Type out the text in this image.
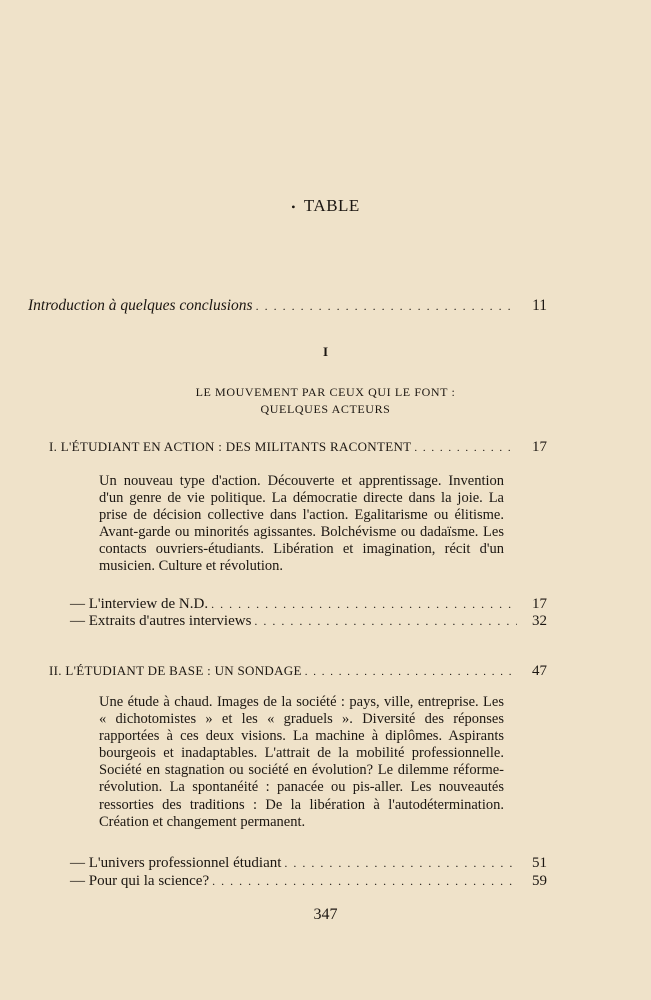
• TABLE
Introduction à quelques conclusions . . .	11
I
LE MOUVEMENT PAR CEUX QUI LE FONT :
QUELQUES ACTEURS
I. L'ÉTUDIANT EN ACTION : DES MILITANTS RACONTENT . . .	17
Un nouveau type d'action. Découverte et apprentissage. Invention d'un genre de vie politique. La démocratie directe dans la joie. La prise de décision collective dans l'action. Egalitarisme ou élitisme. Avant-garde ou minorités agissantes. Bolchévisme ou dadaïsme. Les contacts ouvriers-étudiants. Libération et imagination, récit d'un musicien. Culture et révolution.
— L'interview de N.D. . . .	17
— Extraits d'autres interviews . . .	32
II. L'ÉTUDIANT DE BASE : UN SONDAGE . . .	47
Une étude à chaud. Images de la société : pays, ville, entreprise. Les « dichotomistes » et les « graduels ». Diversité des réponses rapportées à ces deux visions. La machine à diplômes. Aspirants bourgeois et inadaptables. L'attrait de la mobilité professionnelle. Société en stagnation ou société en évolution? Le dilemme réforme-révolution. La spontanéité : panacée ou pis-aller. Les nouveautés ressorties des traditions : De la libération à l'autodétermination. Création et changement permanent.
— L'univers professionnel étudiant . . .	51
— Pour qui la science? . . .	59
347
